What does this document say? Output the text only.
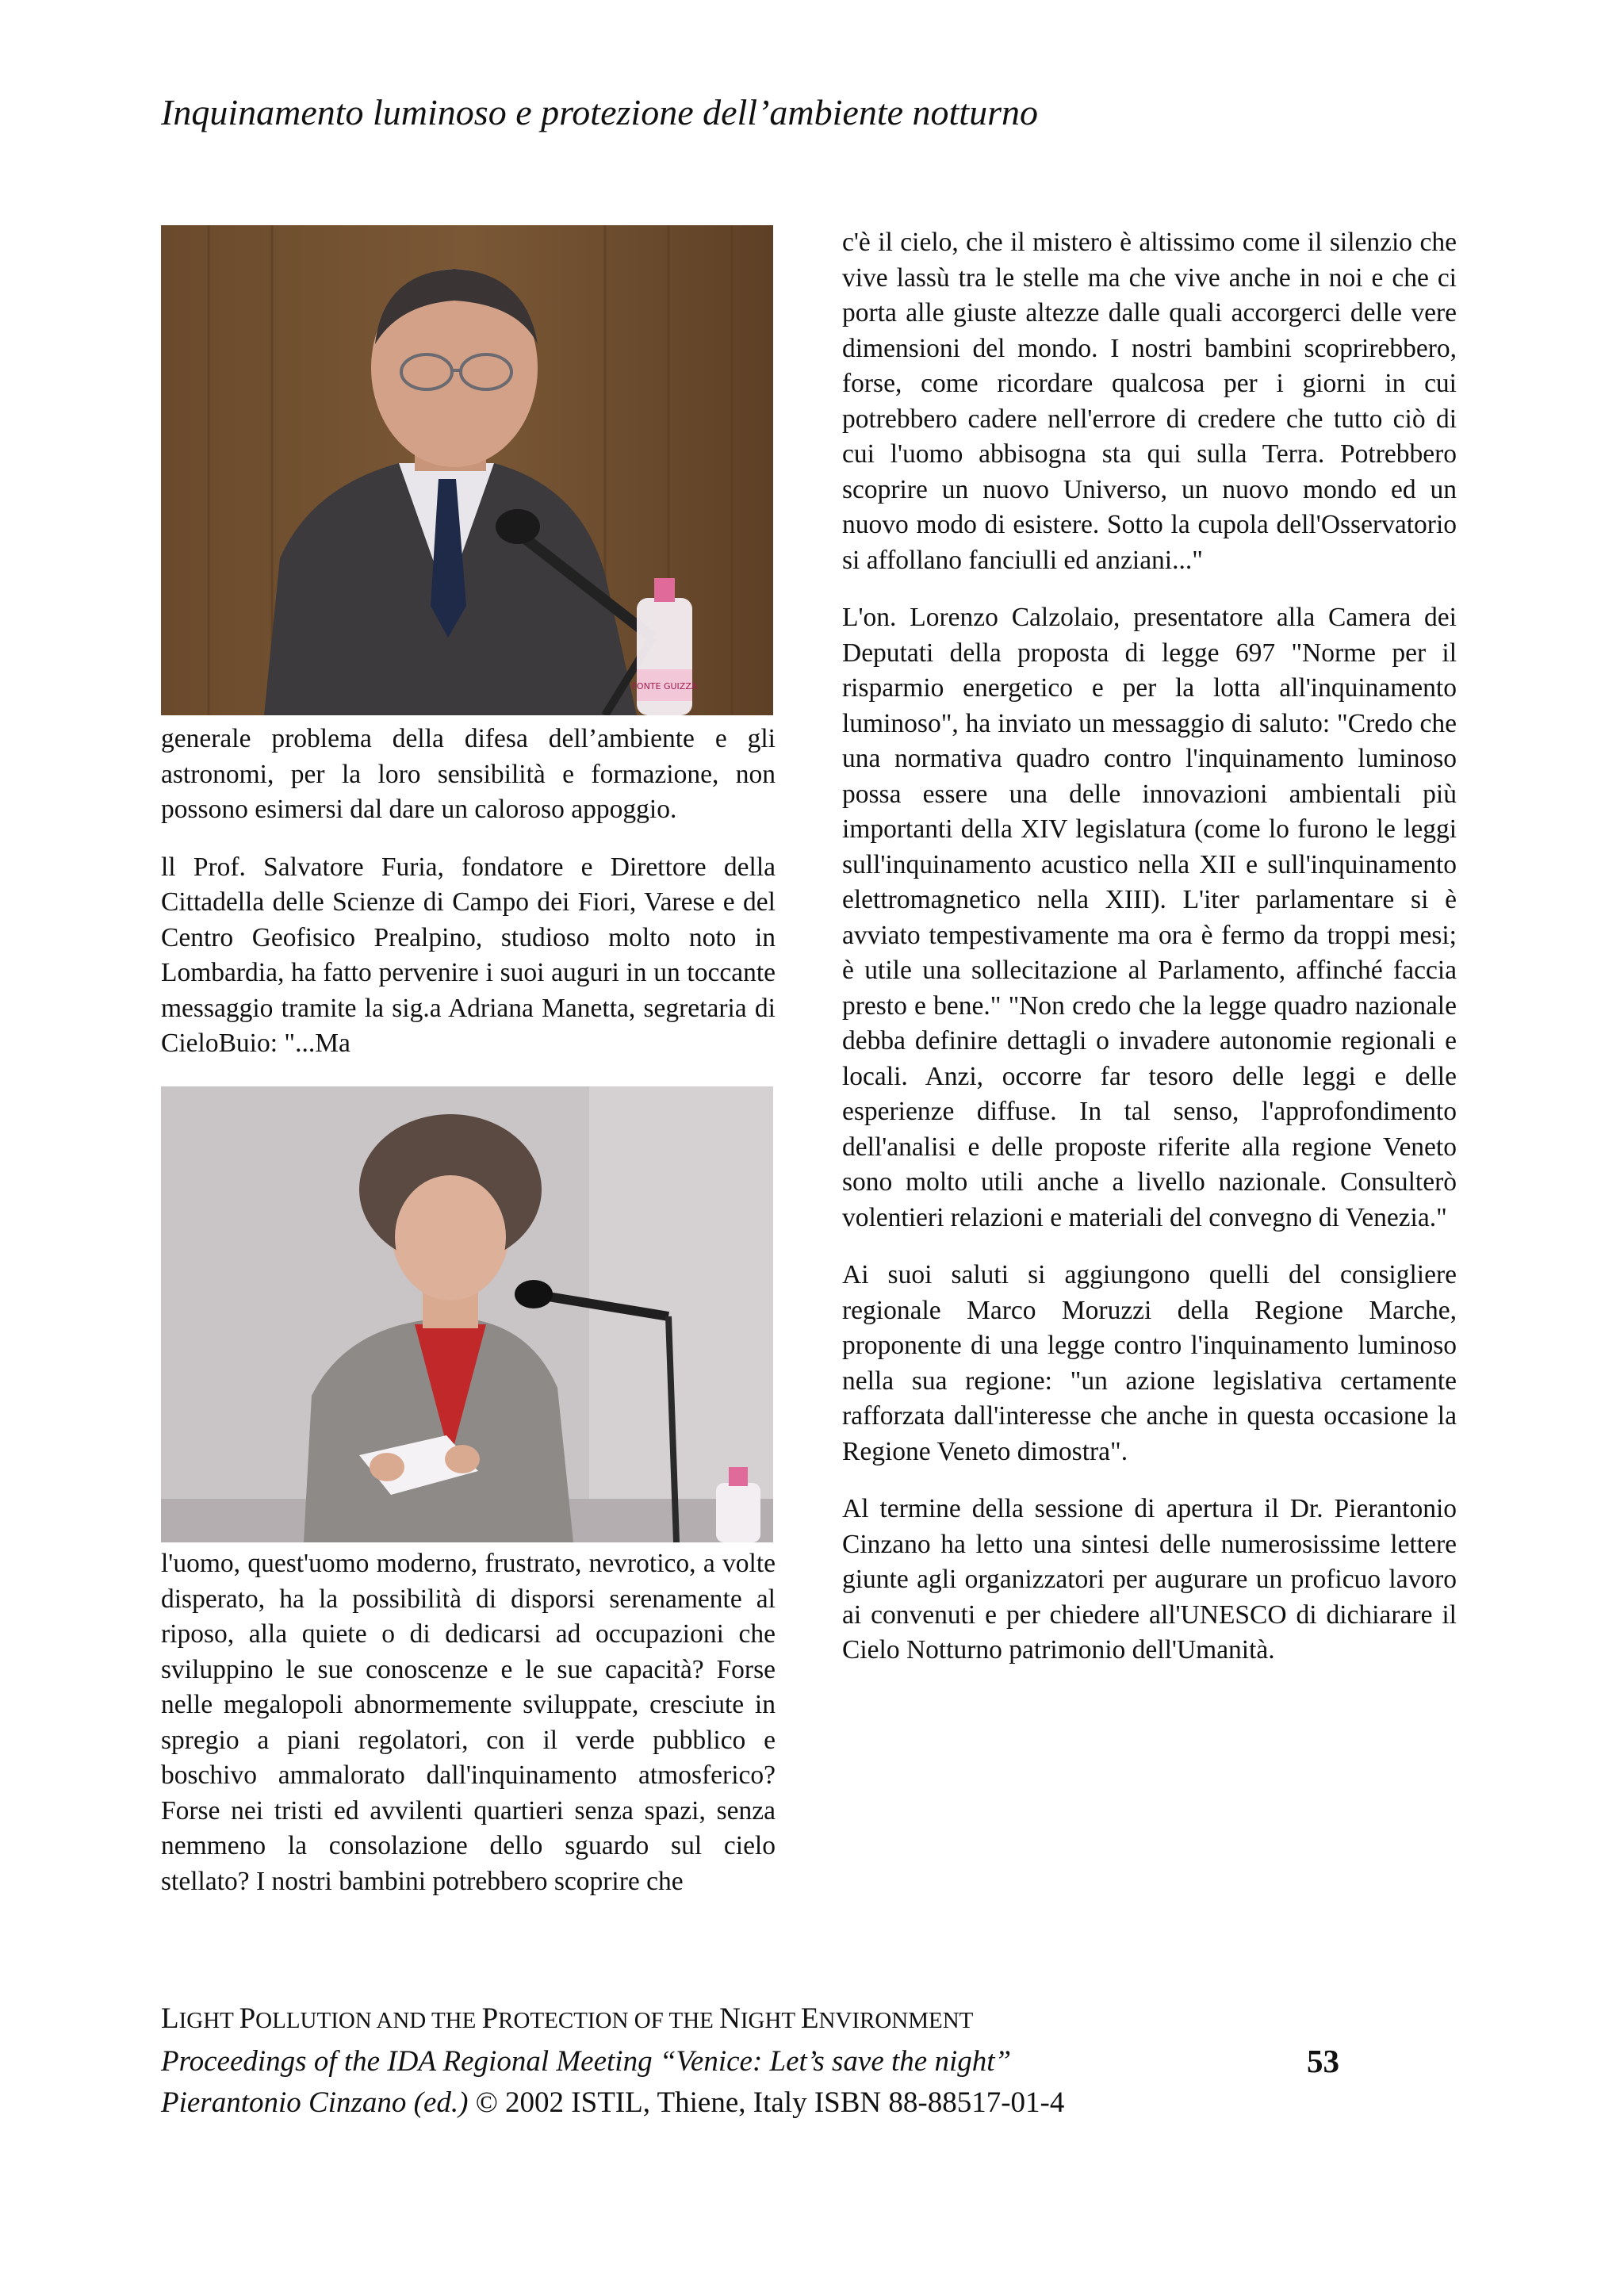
Inquinamento luminoso e protezione dell’ambiente notturno
FONTE GUIZZA

generale problema della difesa dell’ambiente e gli astronomi, per la loro sensibilità e formazione, non possono esimersi dal dare un caloroso appoggio.

ll Prof. Salvatore Furia, fondatore e Direttore della Cittadella delle Scienze di Campo dei Fiori, Varese e del Centro Geofisico Prealpino, studioso molto noto in Lombardia, ha fatto pervenire i suoi auguri in un toccante messaggio tramite la sig.a Adriana Manetta, segretaria di CieloBuio: "...Ma

l'uomo, quest'uomo moderno, frustrato, nevrotico, a volte disperato, ha la possibilità di disporsi serenamente al riposo, alla quiete o di dedicarsi ad occupazioni che sviluppino le sue conoscenze e le sue capacità? Forse nelle megalopoli abnormemente sviluppate, cresciute in spregio a piani regolatori, con il verde pubblico e boschivo ammalorato dall'inquinamento atmosferico? Forse nei tristi ed avvilenti quartieri senza spazi, senza nemmeno la consolazione dello sguardo sul cielo stellato? I nostri bambini potrebbero scoprire che

c'è il cielo, che il mistero è altissimo come il silenzio che vive lassù tra le stelle ma che vive anche in noi e che ci porta alle giuste altezze dalle quali accorgerci delle vere dimensioni del mondo. I nostri bambini scoprirebbero, forse, come ricordare qualcosa per i giorni in cui potrebbero cadere nell'errore di credere che tutto ciò di cui l'uomo abbisogna sta qui sulla Terra. Potrebbero scoprire un nuovo Universo, un nuovo mondo ed un nuovo modo di esistere. Sotto la cupola dell'Osservatorio si affollano fanciulli ed anziani..."

L'on. Lorenzo Calzolaio, presentatore alla Camera dei Deputati della proposta di legge 697 "Norme per il risparmio energetico e per la lotta all'inquinamento luminoso", ha inviato un messaggio di saluto: "Credo che una normativa quadro contro l'inquinamento luminoso possa essere una delle innovazioni ambientali più importanti della XIV legislatura (come lo furono le leggi sull'inquinamento acustico nella XII e sull'inquinamento elettromagnetico nella XIII). L'iter parlamentare si è avviato tempestivamente ma ora è fermo da troppi mesi; è utile una sollecitazione al Parlamento, affinché faccia presto e bene." "Non credo che la legge quadro nazionale debba definire dettagli o invadere autonomie regionali e locali. Anzi, occorre far tesoro delle leggi e delle esperienze diffuse. In tal senso, l'approfondimento dell'analisi e delle proposte riferite alla regione Veneto sono molto utili anche a livello nazionale. Consulterò volentieri relazioni e materiali del convegno di Venezia."

Ai suoi saluti si aggiungono quelli del consigliere regionale Marco Moruzzi della Regione Marche, proponente di una legge contro l'inquinamento luminoso nella sua regione: "un azione legislativa certamente rafforzata dall'interesse che anche in questa occasione la Regione Veneto dimostra".

Al termine della sessione di apertura il Dr. Pierantonio Cinzano ha letto una sintesi delle numerosissime lettere giunte agli organizzatori per augurare un proficuo lavoro ai convenuti e per chiedere all'UNESCO di dichiarare il Cielo Notturno patrimonio dell'Umanità.

LIGHT POLLUTION AND THE PROTECTION OF THE NIGHT ENVIRONMENT
Proceedings of the IDA Regional Meeting “Venice: Let’s save the night”
Pierantonio Cinzano (ed.) © 2002 ISTIL, Thiene, Italy ISBN 88-88517-01-4
53
